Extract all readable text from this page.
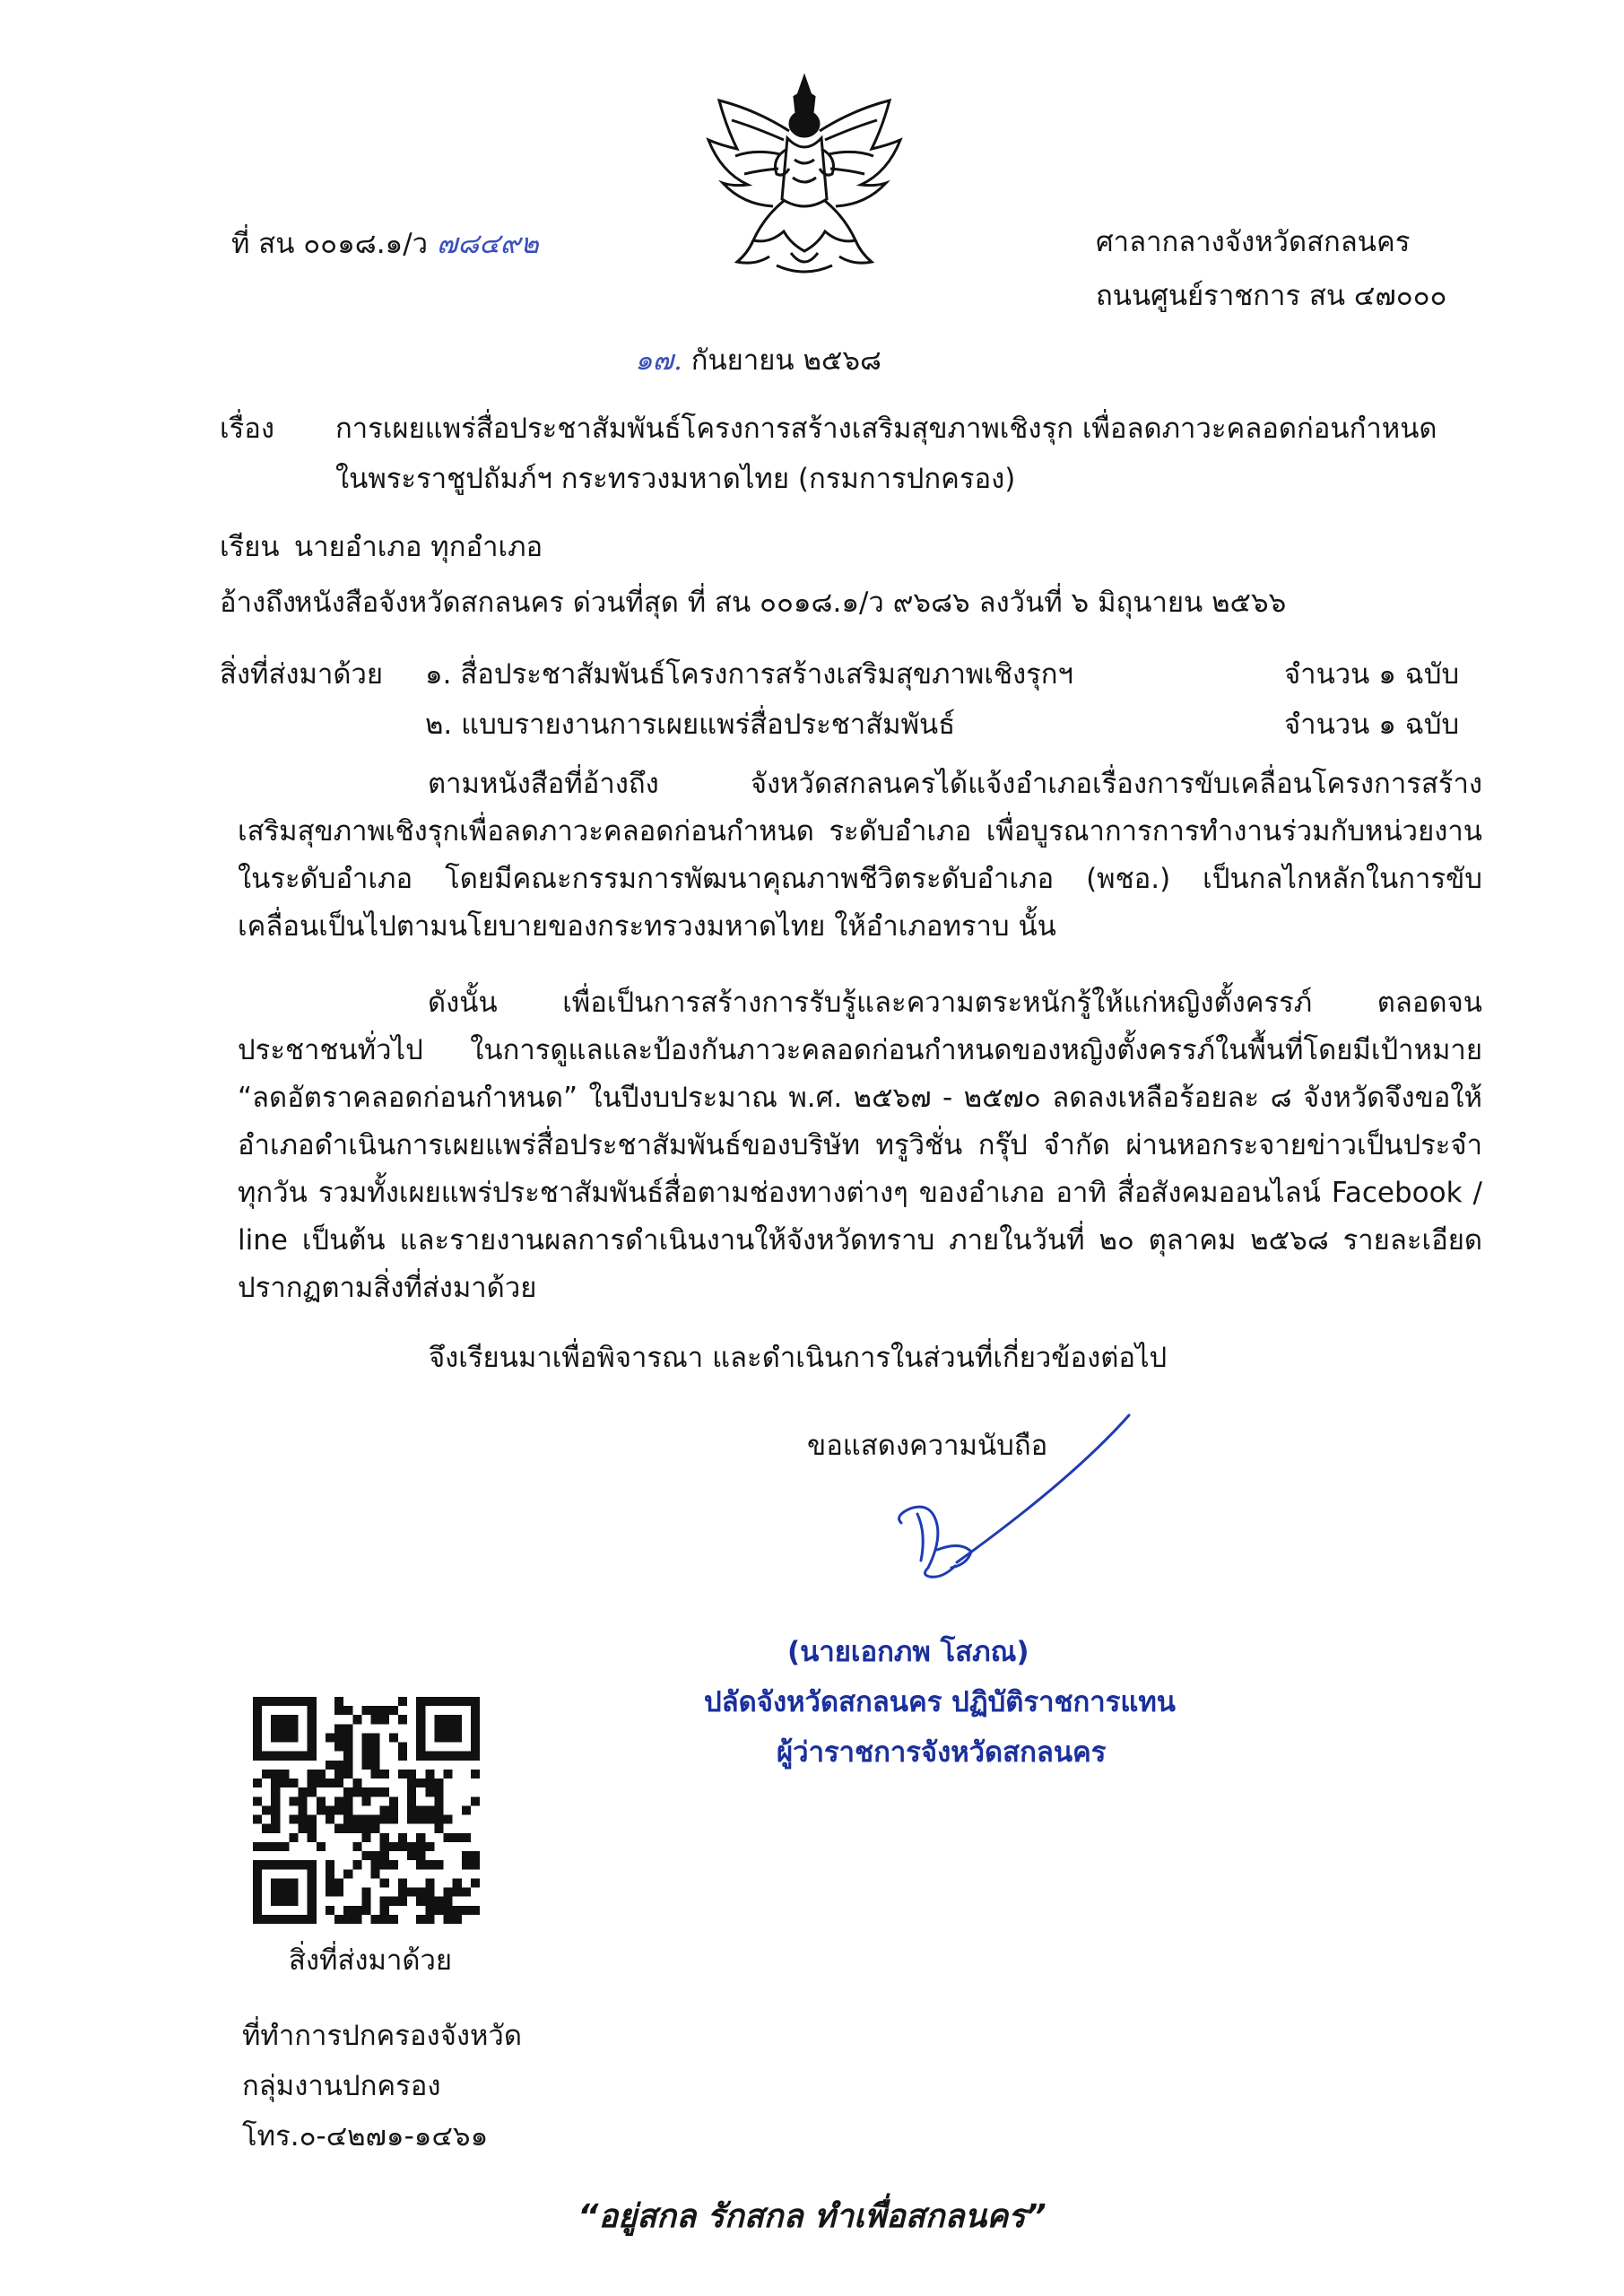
ที่ สน ๐๐๑๘.๑/ว ๗๘๔๙๒	ศาลากลางจังหวัดสกลนคร
ถนนศูนย์ราชการ สน ๔๗๐๐๐
๑๗. กันยายน ๒๕๖๘
เรื่อง การเผยแพร่สื่อประชาสัมพันธ์โครงการสร้างเสริมสุขภาพเชิงรุก เพื่อลดภาวะคลอดก่อนกำหนด
ในพระราชูปถัมภ์ฯ กระทรวงมหาดไทย (กรมการปกครอง)
เรียน นายอำเภอ ทุกอำเภอ
อ้างถึง
หนังสือจังหวัดสกลนคร ด่วนที่สุด ที่ สน ๐๐๑๘.๑/ว ๙๖๘๖ ลงวันที่ ๖ มิถุนายน ๒๕๖๖
สิ่งที่ส่งมาด้วย ๑. สื่อประชาสัมพันธ์โครงการสร้างเสริมสุขภาพเชิงรุกฯ	จำนวน ๑ ฉบับ
๒. แบบรายงานการเผยแพร่สื่อประชาสัมพันธ์	จำนวน ๑ ฉบับ
ตามหนังสือที่อ้างถึง จังหวัดสกลนครได้แจ้งอำเภอเรื่องการขับเคลื่อนโครงการสร้างเสริมสุขภาพเชิงรุกเพื่อลดภาวะคลอดก่อนกำหนด ระดับอำเภอ เพื่อบูรณาการการทำงานร่วมกับหน่วยงานในระดับอำเภอ โดยมีคณะกรรมการพัฒนาคุณภาพชีวิตระดับอำเภอ (พชอ.) เป็นกลไกหลักในการขับเคลื่อนเป็นไปตามนโยบายของกระทรวงมหาดไทย ให้อำเภอทราบ นั้น
ดังนั้น เพื่อเป็นการสร้างการรับรู้และความตระหนักรู้ให้แก่หญิงตั้งครรภ์ ตลอดจนประชาชนทั่วไป ในการดูแลและป้องกันภาวะคลอดก่อนกำหนดของหญิงตั้งครรภ์ในพื้นที่โดยมีเป้าหมาย “ลดอัตราคลอดก่อนกำหนด” ในปีงบประมาณ พ.ศ. ๒๕๖๗ - ๒๕๗๐ ลดลงเหลือร้อยละ ๘ จังหวัดจึงขอให้อำเภอดำเนินการเผยแพร่สื่อประชาสัมพันธ์ของบริษัท ทรูวิชั่น กรุ๊ป จำกัด ผ่านหอกระจายข่าวเป็นประจำทุกวัน รวมทั้งเผยแพร่ประชาสัมพันธ์สื่อตามช่องทางต่างๆ ของอำเภอ อาทิ สื่อสังคมออนไลน์ Facebook / line เป็นต้น และรายงานผลการดำเนินงานให้จังหวัดทราบ ภายในวันที่ ๒๐ ตุลาคม ๒๕๖๘ รายละเอียดปรากฏตามสิ่งที่ส่งมาด้วย
จึงเรียนมาเพื่อพิจารณา และดำเนินการในส่วนที่เกี่ยวข้องต่อไป
ขอแสดงความนับถือ
(นายเอกภพ โสภณ)
ปลัดจังหวัดสกลนคร ปฏิบัติราชการแทน
ผู้ว่าราชการจังหวัดสกลนคร
สิ่งที่ส่งมาด้วย
ที่ทำการปกครองจังหวัด
กลุ่มงานปกครอง
โทร.๐-๔๒๗๑-๑๔๖๑
“อยู่สกล รักสกล ทำเพื่อสกลนคร”
